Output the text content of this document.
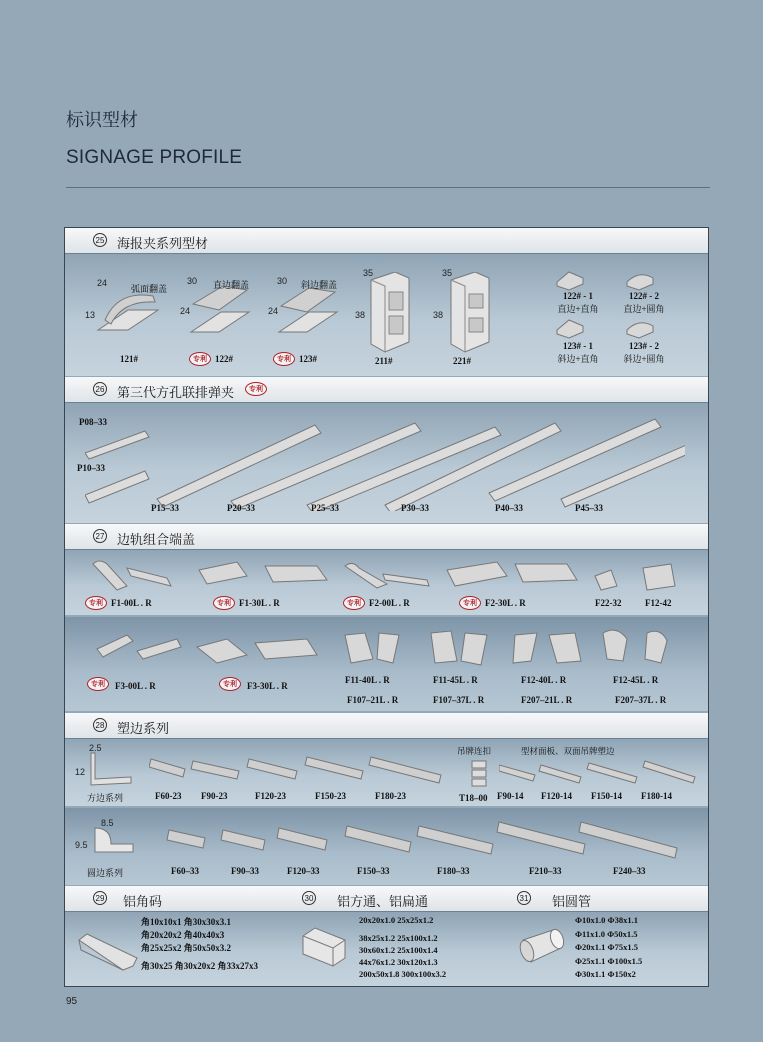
标识型材
SIGNAGE PROFILE
25 海报夹系列型材
24
13
弧面翻盖
121#
30
24
直边翻盖
专利 122#
30
24
斜边翻盖
专利 123#
35
38
211#
35
38
221#
122# - 1
直边+直角
122# - 2
直边+圆角
123# - 1
斜边+直角
123# - 2
斜边+圆角
26 第三代方孔联排弹夹	专利
P08–33
P10–33
P15–33	P20–33	P25–33	P30–33	P40–33	P45–33
27 边轨组合端盖
专利 F1-00L . R	专利 F1-30L . R	专利 F2-00L . R	专利 F2-30L . R	F22-32	F12-42
专利	F3-00L . R	专利	F3-30L . R
F11-40L . R	F11-45L . R	F12-40L . R	F12-45L . R
F107–21L . R	F107–37L . R	F207–21L . R	F207–37L . R
28 塑边系列
2.5
12
方边系列	F60-23 F90-23	F120-23	F150-23	F180-23
吊牌连扣
T18–00
型材面板、双面吊牌塑边
F90-14 F120-14 F150-14 F180-14
8.5
9.5
圆边系列	F60–33	F90–33	F120–33	F150–33	F180–33	F210–33	F240–33
29 铝角码	30 铝方通、铝扁通	31 铝圆管
角10x10x1 角30x30x3.1
角20x20x2 角40x40x3
角25x25x2 角50x50x3.2
角30x25 角30x20x2 角33x27x3
20x20x1.0 25x25x1.2
38x25x1.2 25x100x1.2
30x60x1.2 25x100x1.4
44x76x1.2 30x120x1.3
200x50x1.8 300x100x3.2
Φ10x1.0 Φ38x1.1
Φ11x1.0 Φ50x1.5
Φ20x1.1 Φ75x1.5
Φ25x1.1 Φ100x1.5
Φ30x1.1 Φ150x2
95
